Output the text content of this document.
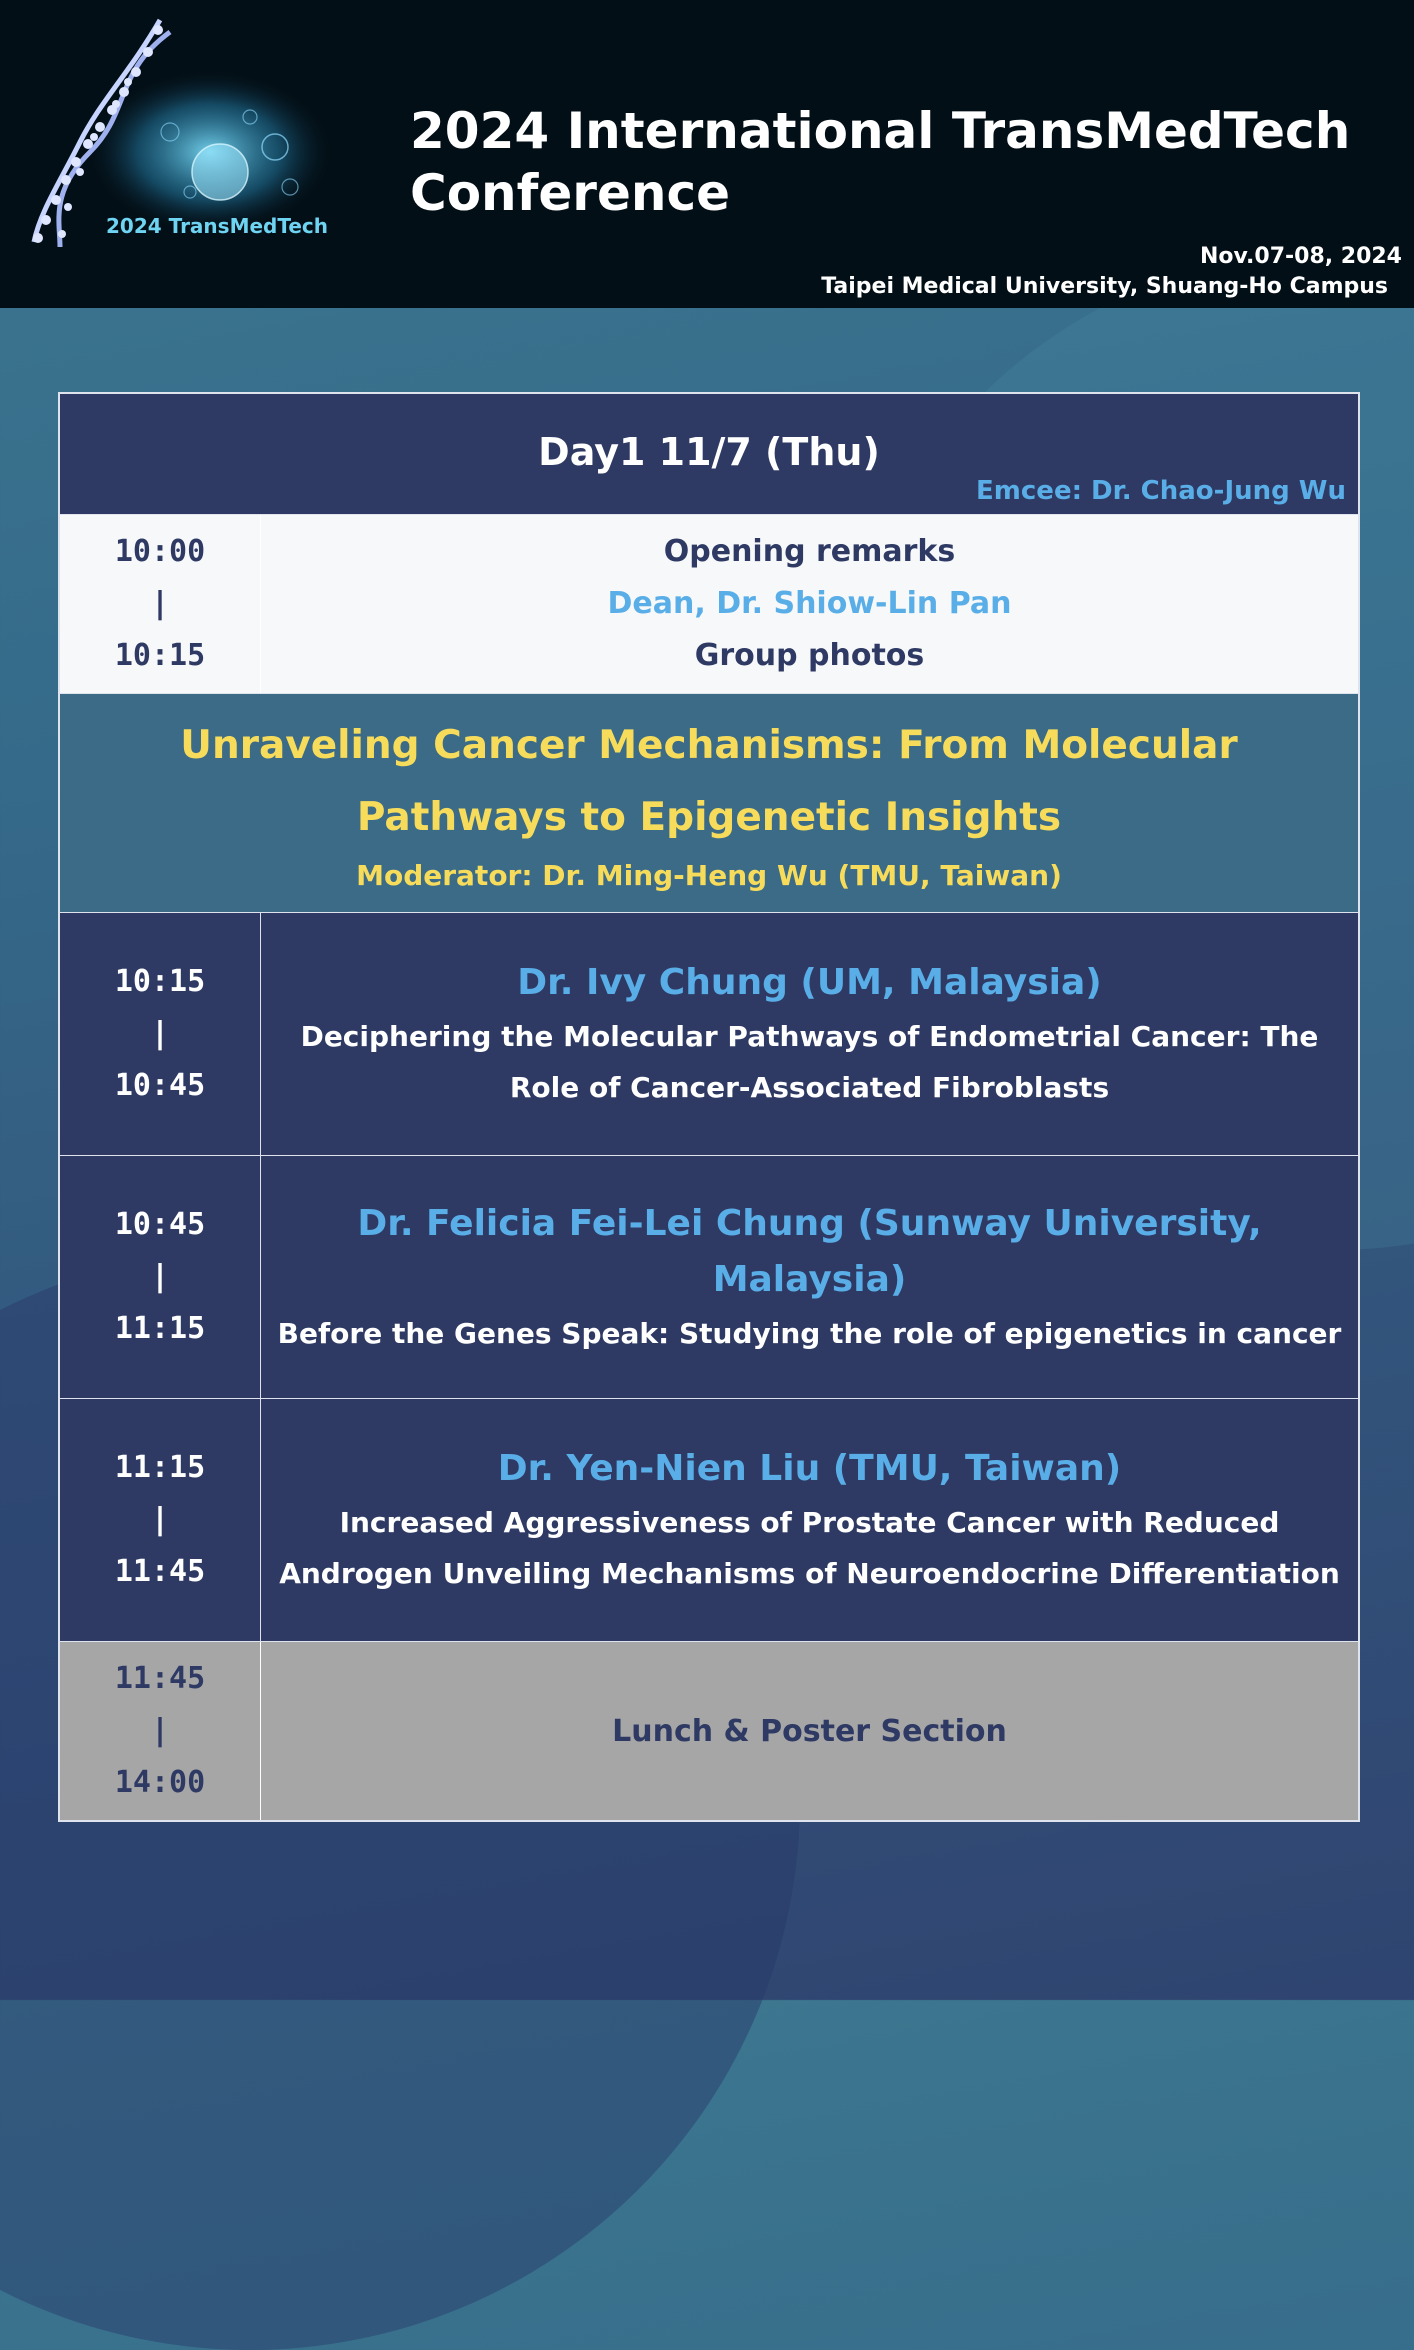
2024 TransMedTech
2024 International TransMedTech
Conference
Nov.07-08, 2024
Taipei Medical University, Shuang-Ho Campus
Day1 11/7 (Thu)
Emcee: Dr. Chao-Jung Wu
10:00
|
10:15
Opening remarks
Dean, Dr. Shiow-Lin Pan
Group photos
Unraveling Cancer Mechanisms: From Molecular Pathways to Epigenetic Insights
Moderator: Dr. Ming-Heng Wu (TMU, Taiwan)
10:15
|
10:45
Dr. Ivy Chung (UM, Malaysia)
Deciphering the Molecular Pathways of Endometrial Cancer: The Role of Cancer-Associated Fibroblasts
10:45
|
11:15
Dr. Felicia Fei-Lei Chung (Sunway University, Malaysia)
Before the Genes Speak: Studying the role of epigenetics in cancer
11:15
|
11:45
Dr. Yen-Nien Liu (TMU, Taiwan)
Increased Aggressiveness of Prostate Cancer with Reduced Androgen Unveiling Mechanisms of Neuroendocrine Differentiation
11:45
|
14:00
Lunch & Poster Section
